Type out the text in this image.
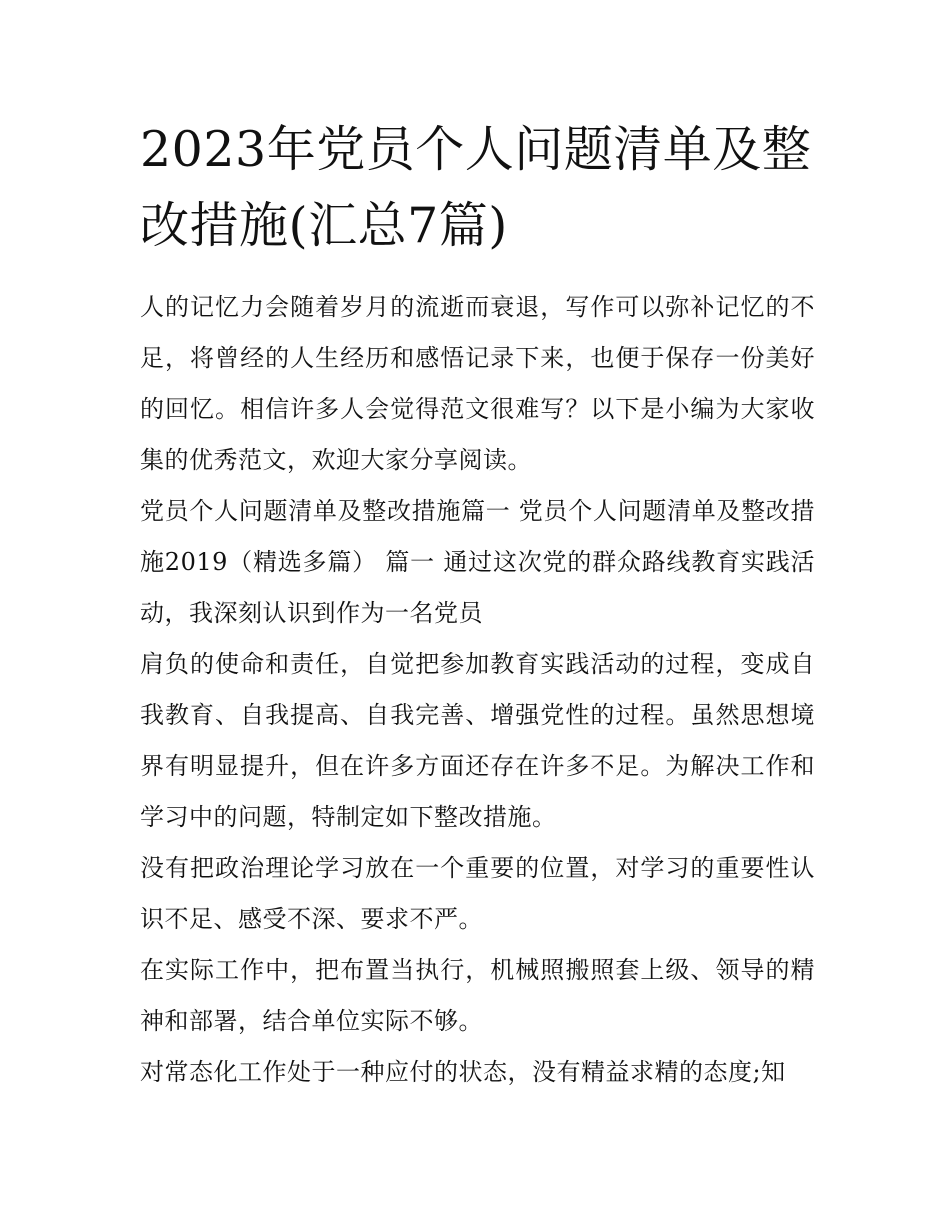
2023年党员个人问题清单及整改措施(汇总7篇)

人的记忆力会随着岁月的流逝而衰退，写作可以弥补记忆的不足，将曾经的人生经历和感悟记录下来，也便于保存一份美好的回忆。相信许多人会觉得范文很难写？以下是小编为大家收集的优秀范文，欢迎大家分享阅读。

党员个人问题清单及整改措施篇一 党员个人问题清单及整改措施2019（精选多篇） 篇一 通过这次党的群众路线教育实践活动，我深刻认识到作为一名党员

肩负的使命和责任，自觉把参加教育实践活动的过程，变成自我教育、自我提高、自我完善、增强党性的过程。虽然思想境界有明显提升，但在许多方面还存在许多不足。为解决工作和学习中的问题，特制定如下整改措施。

没有把政治理论学习放在一个重要的位置，对学习的重要性认识不足、感受不深、要求不严。

在实际工作中，把布置当执行，机械照搬照套上级、领导的精神和部署，结合单位实际不够。

对常态化工作处于一种应付的状态，没有精益求精的态度;知
